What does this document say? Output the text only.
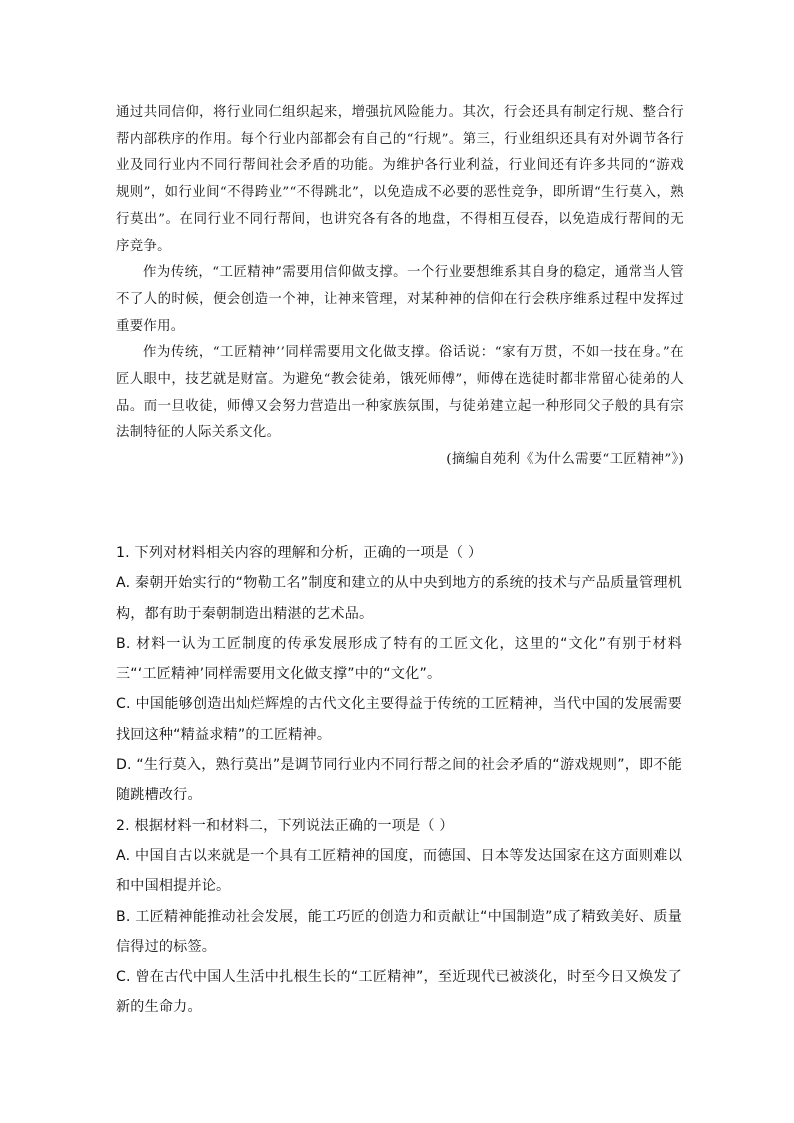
通过共同信仰，将行业同仁组织起来，增强抗风险能力。其次，行会还具有制定行规、整合行帮内部秩序的作用。每个行业内部都会有自己的“行规”。第三，行业组织还具有对外调节各行业及同行业内不同行帮间社会矛盾的功能。为维护各行业利益，行业间还有许多共同的“游戏规则”，如行业间“不得跨业”“不得跳北”，以免造成不必要的恶性竞争，即所谓“生行莫入，熟行莫出”。在同行业不同行帮间，也讲究各有各的地盘，不得相互侵吞，以免造成行帮间的无序竞争。

作为传统，“工匠精神”需要用信仰做支撑。一个行业要想维系其自身的稳定，通常当人管不了人的时候，便会创造一个神，让神来管理，对某种神的信仰在行会秩序维系过程中发挥过重要作用。

作为传统，“工匠精神’’同样需要用文化做支撑。俗话说：“家有万贯，不如一技在身。”在匠人眼中，技艺就是财富。为避免“教会徒弟，饿死师傅”，师傅在选徒时都非常留心徒弟的人品。而一旦收徒，师傅又会努力营造出一种家族氛围，与徒弟建立起一种形同父子般的具有宗法制特征的人际关系文化。

(摘编自苑利《为什么需要“工匠精神”》)

1. 下列对材料相关内容的理解和分析，正确的一项是（ ）

A. 秦朝开始实行的“物勒工名”制度和建立的从中央到地方的系统的技术与产品质量管理机构，都有助于秦朝制造出精湛的艺术品。

B. 材料一认为工匠制度的传承发展形成了特有的工匠文化，这里的“文化”有别于材料三“‘工匠精神’同样需要用文化做支撑”中的“文化”。

C. 中国能够创造出灿烂辉煌的古代文化主要得益于传统的工匠精神，当代中国的发展需要找回这种“精益求精”的工匠精神。

D. “生行莫入，熟行莫出”是调节同行业内不同行帮之间的社会矛盾的“游戏规则”，即不能随跳槽改行。

2. 根据材料一和材料二，下列说法正确的一项是（ ）

A. 中国自古以来就是一个具有工匠精神的国度，而德国、日本等发达国家在这方面则难以和中国相提并论。

B. 工匠精神能推动社会发展，能工巧匠的创造力和贡献让“中国制造”成了精致美好、质量信得过的标签。

C. 曾在古代中国人生活中扎根生长的“工匠精神”，至近现代已被淡化，时至今日又焕发了新的生命力。
